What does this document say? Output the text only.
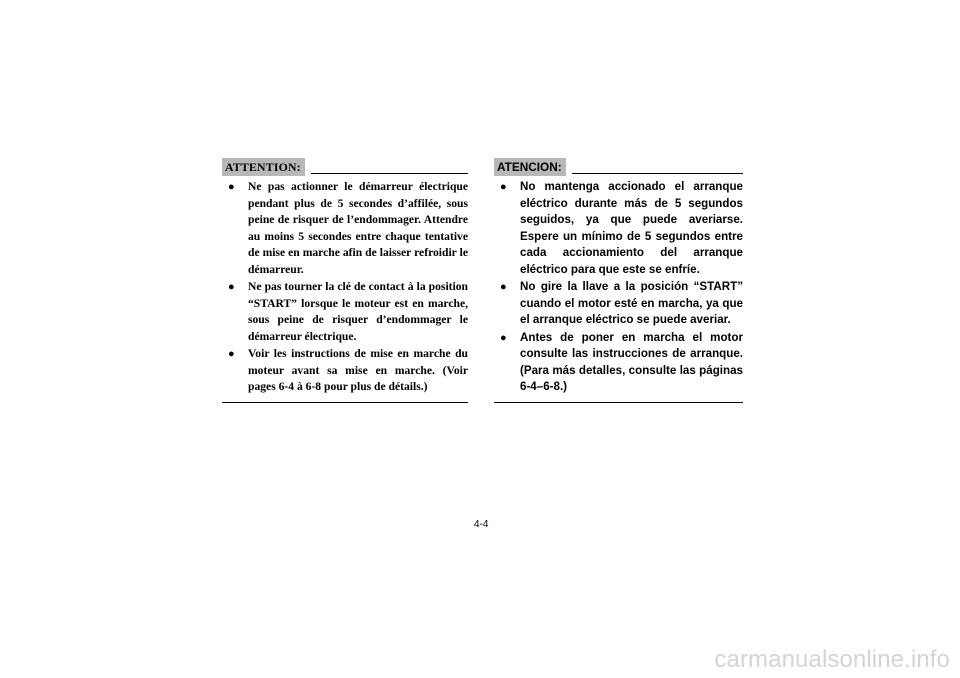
ATTENTION:
●	Ne pas actionner le démarreur électrique pendant plus de 5 secondes d’affilée, sous peine de risquer de l’endommager. Attendre au moins 5 secondes entre chaque tentative de mise en marche afin de laisser refroidir le démarreur.
●	Ne pas tourner la clé de contact à la position “START” lorsque le moteur est en marche, sous peine de risquer d’endommager le démarreur électrique.
●	Voir les instructions de mise en marche du moteur avant sa mise en marche. (Voir pages 6-4 à 6-8 pour plus de détails.)
ATENCION:
●	No mantenga accionado el arranque eléctrico durante más de 5 segundos seguidos, ya que puede averiarse. Espere un mínimo de 5 segundos entre cada accionamiento del arranque eléctrico para que este se enfríe.
●	No gire la llave a la posición “START” cuando el motor esté en marcha, ya que el arranque eléctrico se puede averiar.
●	Antes de poner en marcha el motor consulte las instrucciones de arranque. (Para más detalles, consulte las páginas 6-4–6-8.)
4-4
carmanualsonline.info
